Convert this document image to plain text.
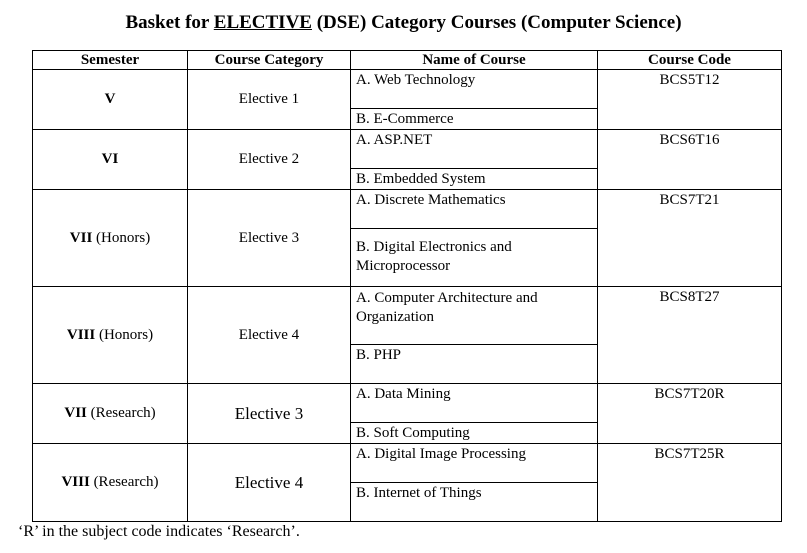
Basket for ELECTIVE (DSE) Category Courses (Computer Science)
Semester	Course Category	Name of Course	Course Code
V	Elective 1	A. Web Technology	BCS5T12
		B. E-Commerce	
VI	Elective 2	A. ASP.NET	BCS6T16
		B. Embedded System	
VII (Honors)	Elective 3	A. Discrete Mathematics	BCS7T21
		B. Digital Electronics and Microprocessor	
VIII (Honors)	Elective 4	A. Computer Architecture and Organization	BCS8T27
		B. PHP	
VII (Research)	Elective 3	A. Data Mining	BCS7T20R
		B. Soft Computing	
VIII (Research)	Elective 4	A. Digital Image Processing	BCS7T25R
		B. Internet of Things	
‘R’ in the subject code indicates ‘Research’.
